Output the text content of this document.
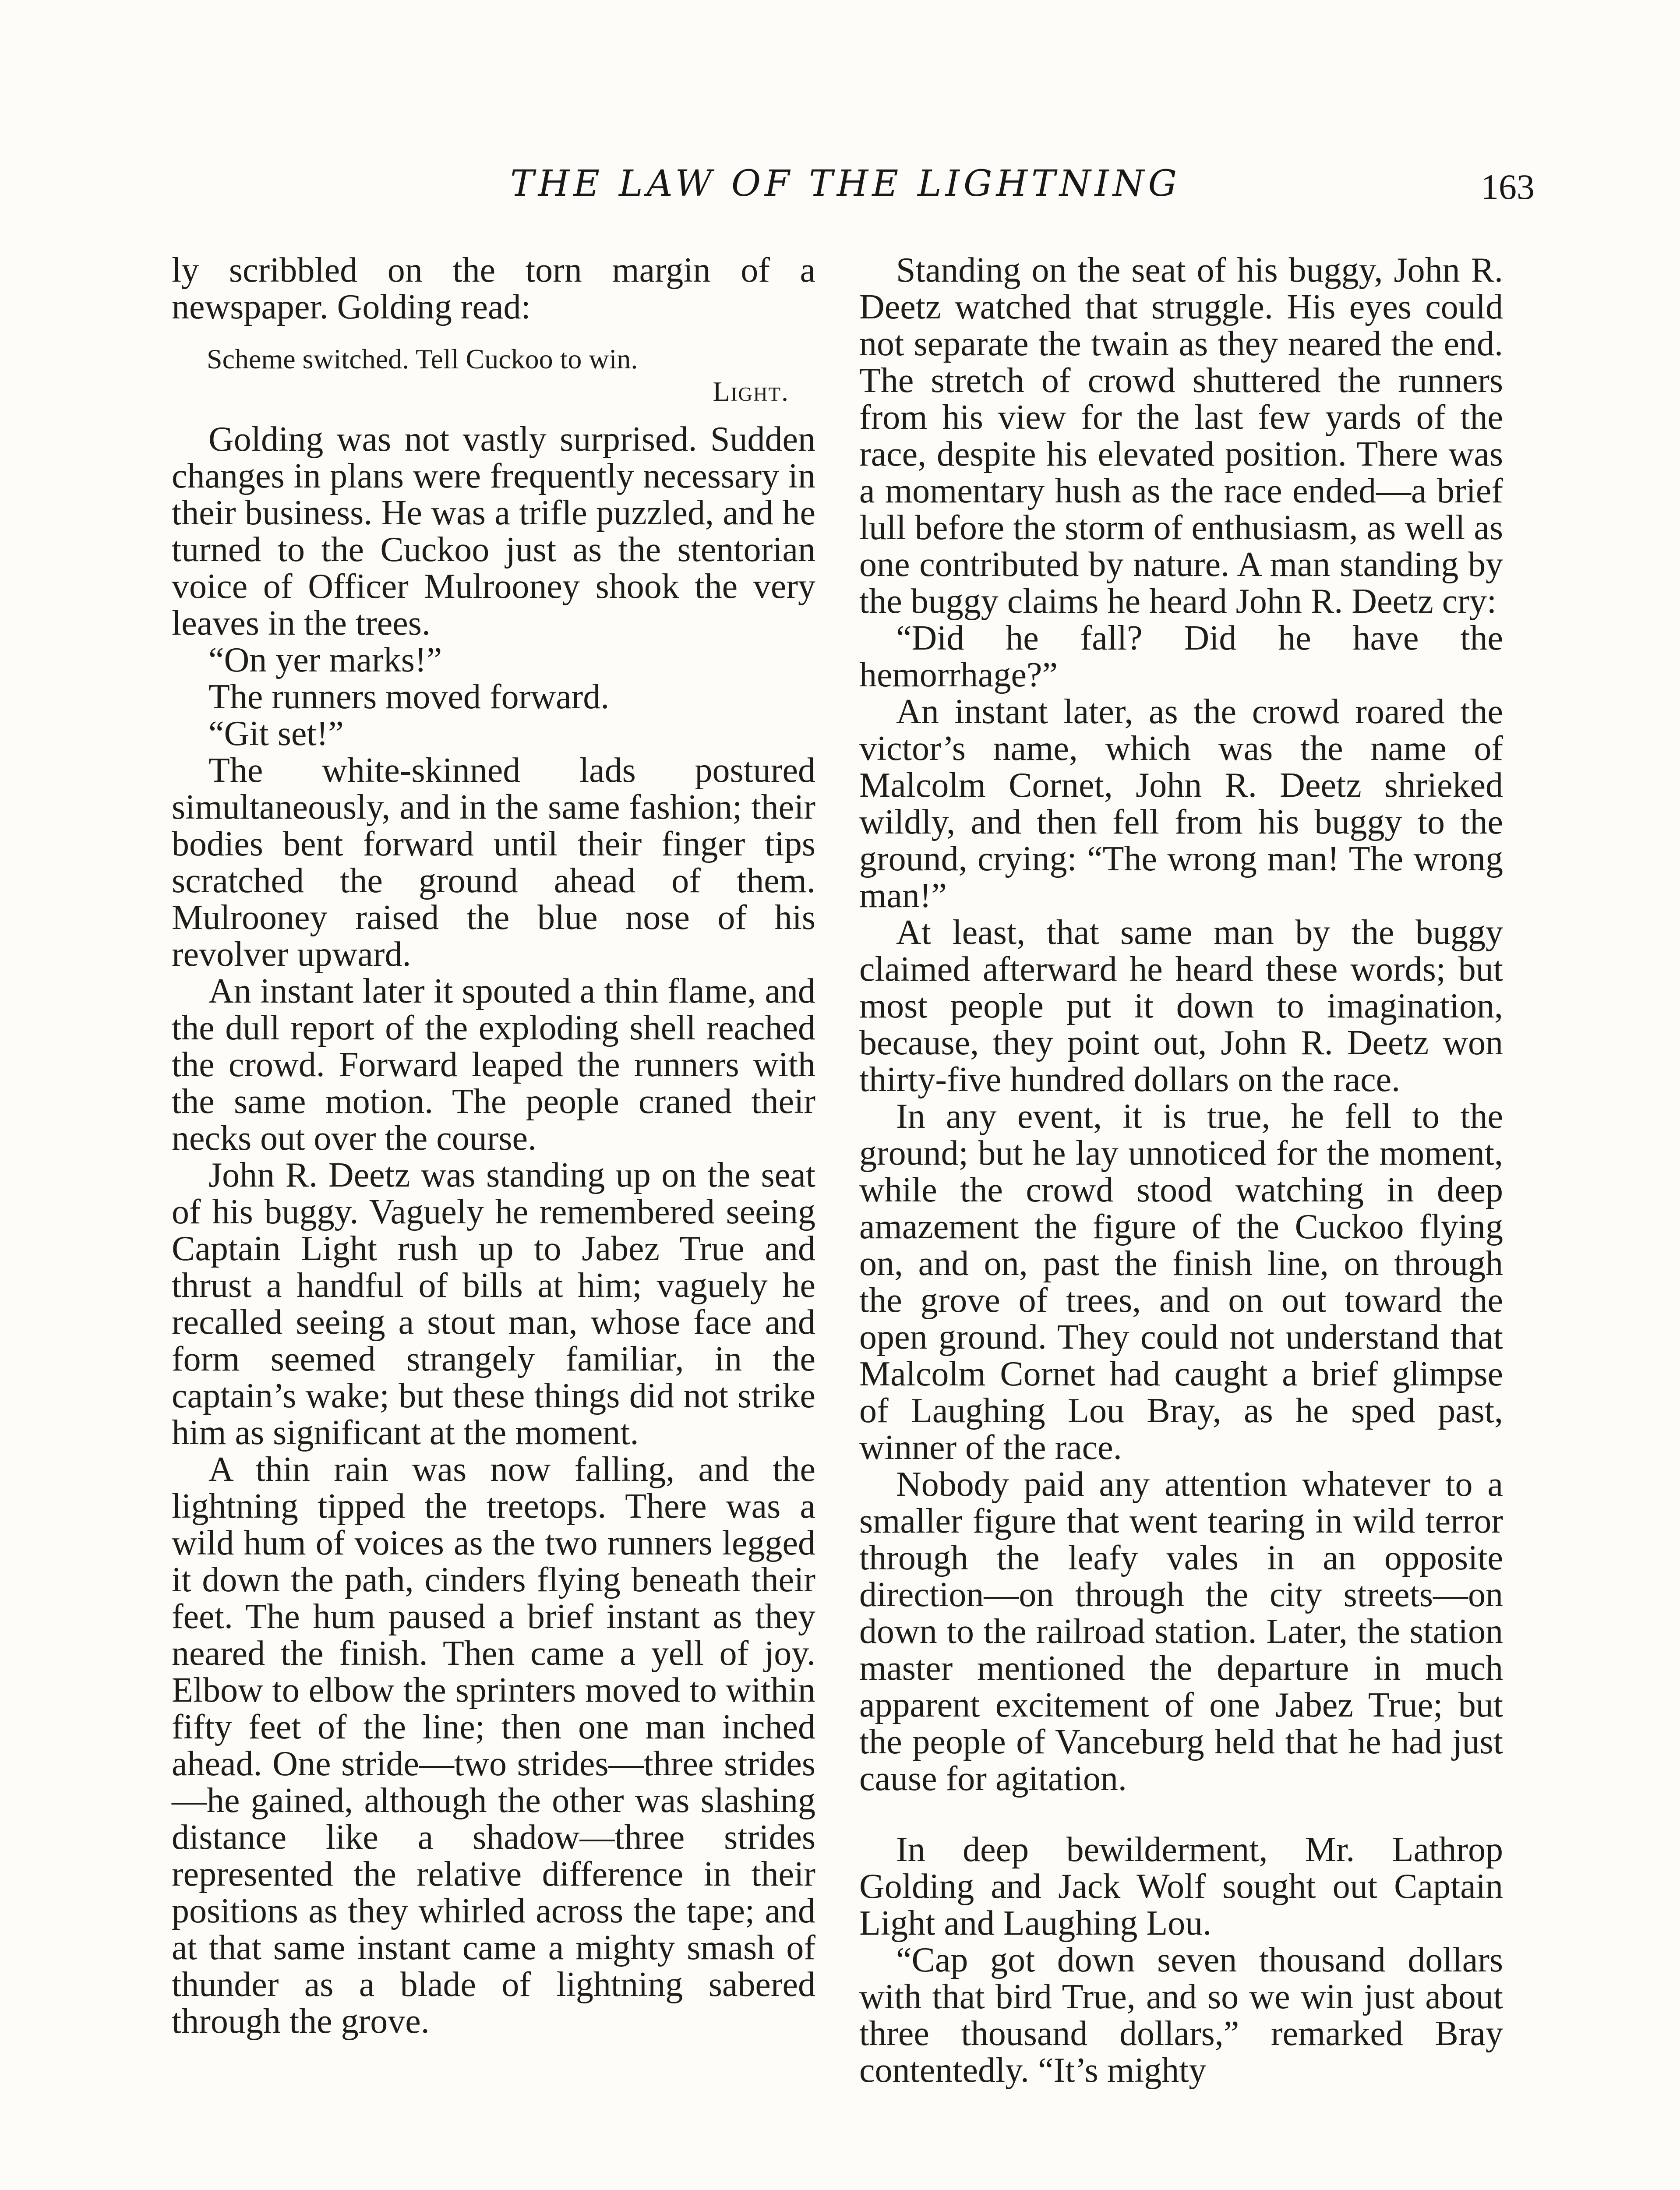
THE LAW OF THE LIGHTNING	163

ly scribbled on the torn margin of a newspaper. Golding read:

Scheme switched. Tell Cuckoo to win.
Light.

Golding was not vastly surprised. Sudden changes in plans were frequently necessary in their business. He was a trifle puzzled, and he turned to the Cuckoo just as the stentorian voice of Officer Mulrooney shook the very leaves in the trees.

“On yer marks!”

The runners moved forward.

“Git set!”

The white-skinned lads postured simultaneously, and in the same fashion; their bodies bent forward until their finger tips scratched the ground ahead of them. Mulrooney raised the blue nose of his revolver upward.

An instant later it spouted a thin flame, and the dull report of the exploding shell reached the crowd. Forward leaped the runners with the same motion. The people craned their necks out over the course.

John R. Deetz was standing up on the seat of his buggy. Vaguely he remembered seeing Captain Light rush up to Jabez True and thrust a handful of bills at him; vaguely he recalled seeing a stout man, whose face and form seemed strangely familiar, in the captain’s wake; but these things did not strike him as significant at the moment.

A thin rain was now falling, and the lightning tipped the treetops. There was a wild hum of voices as the two runners legged it down the path, cinders flying beneath their feet. The hum paused a brief instant as they neared the finish. Then came a yell of joy. Elbow to elbow the sprinters moved to within fifty feet of the line; then one man inched ahead. One stride—two strides—three strides—he gained, although the other was slashing distance like a shadow—three strides represented the relative difference in their positions as they whirled across the tape; and at that same instant came a mighty smash of thunder as a blade of lightning sabered through the grove.

Standing on the seat of his buggy, John R. Deetz watched that struggle. His eyes could not separate the twain as they neared the end. The stretch of crowd shuttered the runners from his view for the last few yards of the race, despite his elevated position. There was a momentary hush as the race ended—a brief lull before the storm of enthusiasm, as well as one contributed by nature. A man standing by the buggy claims he heard John R. Deetz cry:

“Did he fall? Did he have the hemorrhage?”

An instant later, as the crowd roared the victor’s name, which was the name of Malcolm Cornet, John R. Deetz shrieked wildly, and then fell from his buggy to the ground, crying: “The wrong man! The wrong man!”

At least, that same man by the buggy claimed afterward he heard these words; but most people put it down to imagination, because, they point out, John R. Deetz won thirty-five hundred dollars on the race.

In any event, it is true, he fell to the ground; but he lay unnoticed for the moment, while the crowd stood watching in deep amazement the figure of the Cuckoo flying on, and on, past the finish line, on through the grove of trees, and on out toward the open ground. They could not understand that Malcolm Cornet had caught a brief glimpse of Laughing Lou Bray, as he sped past, winner of the race.

Nobody paid any attention whatever to a smaller figure that went tearing in wild terror through the leafy vales in an opposite direction—on through the city streets—on down to the railroad station. Later, the station master mentioned the departure in much apparent excitement of one Jabez True; but the people of Vanceburg held that he had just cause for agitation.

In deep bewilderment, Mr. Lathrop Golding and Jack Wolf sought out Captain Light and Laughing Lou.

“Cap got down seven thousand dollars with that bird True, and so we win just about three thousand dollars,” remarked Bray contentedly. “It’s mighty
